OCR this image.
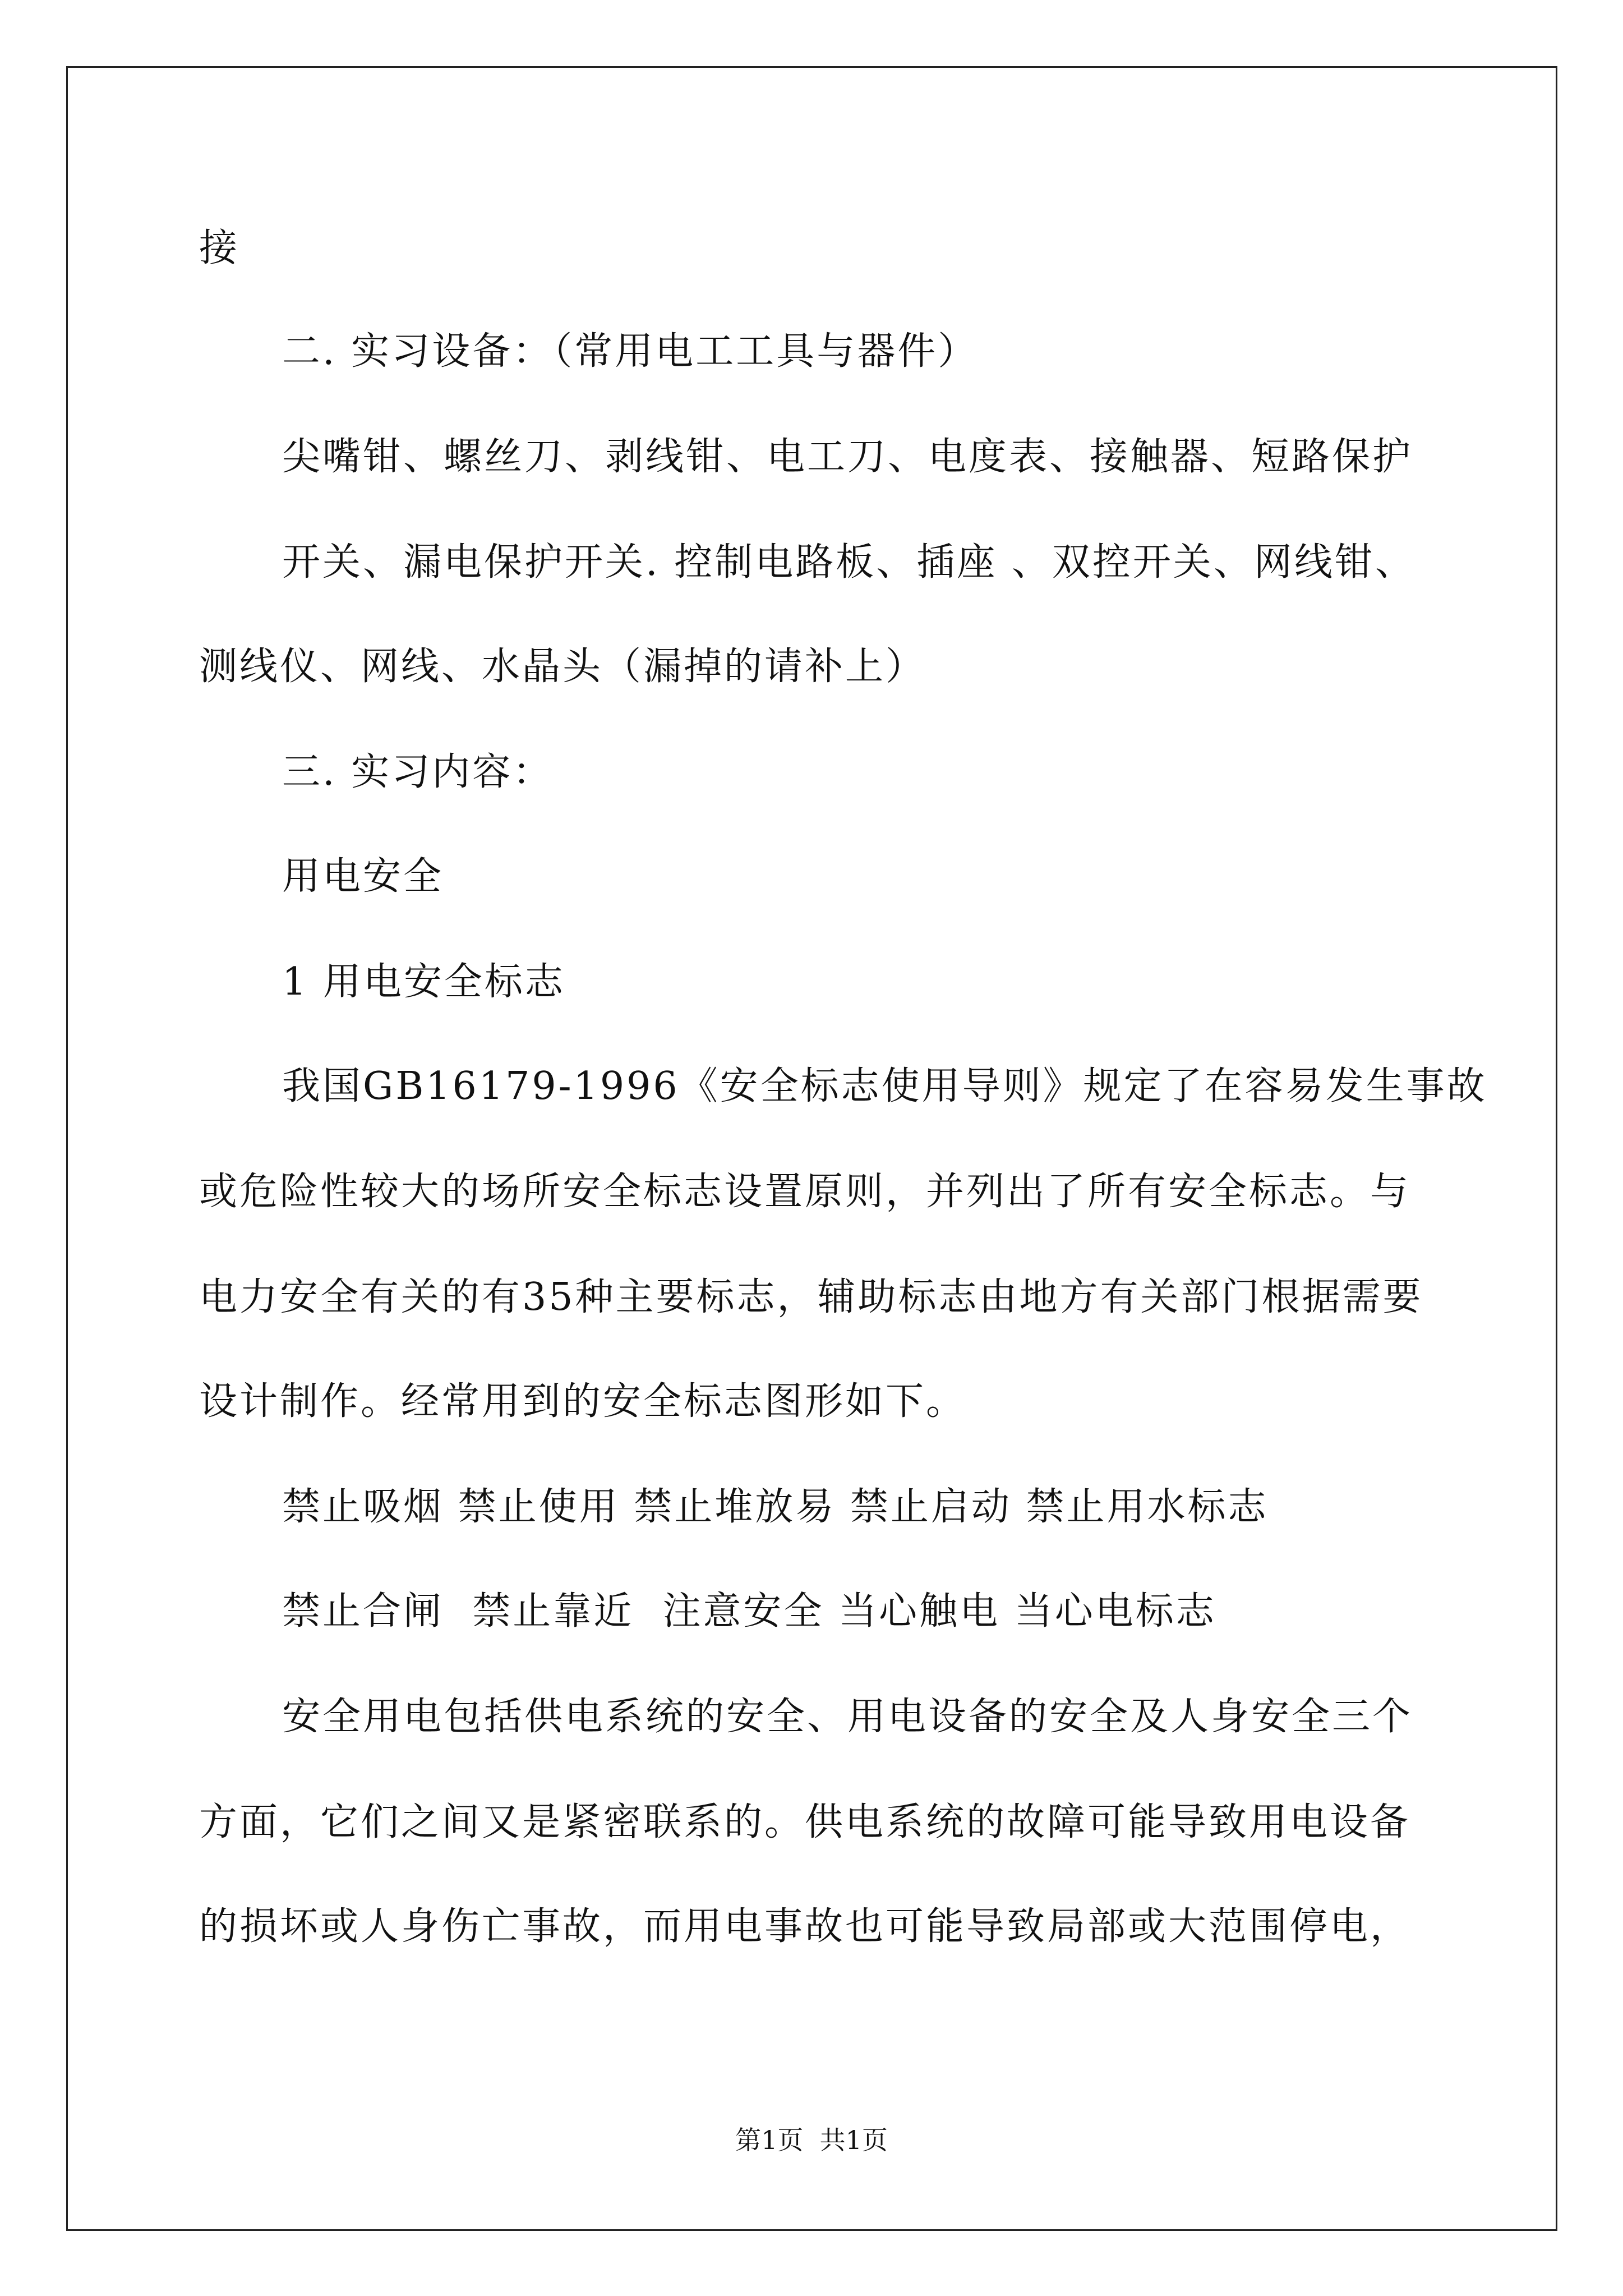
接
二. 实习设备：（常用电工工具与器件）
尖嘴钳、螺丝刀、剥线钳、电工刀、电度表、接触器、短路保护
开关、漏电保护开关. 控制电路板、插座 、双控开关、网线钳、
测线仪、网线、水晶头（漏掉的请补上）
三. 实习内容：
用电安全
1 用电安全标志
我国GB16179-1996《安全标志使用导则》规定了在容易发生事故
或危险性较大的场所安全标志设置原则，并列出了所有安全标志。与
电力安全有关的有35种主要标志，辅助标志由地方有关部门根据需要
设计制作。经常用到的安全标志图形如下。
禁止吸烟 禁止使用 禁止堆放易 禁止启动 禁止用水标志
禁止合闸  禁止靠近  注意安全 当心触电 当心电标志
安全用电包括供电系统的安全、用电设备的安全及人身安全三个
方面，它们之间又是紧密联系的。供电系统的故障可能导致用电设备
的损坏或人身伤亡事故，而用电事故也可能导致局部或大范围停电，
第1页  共1页
